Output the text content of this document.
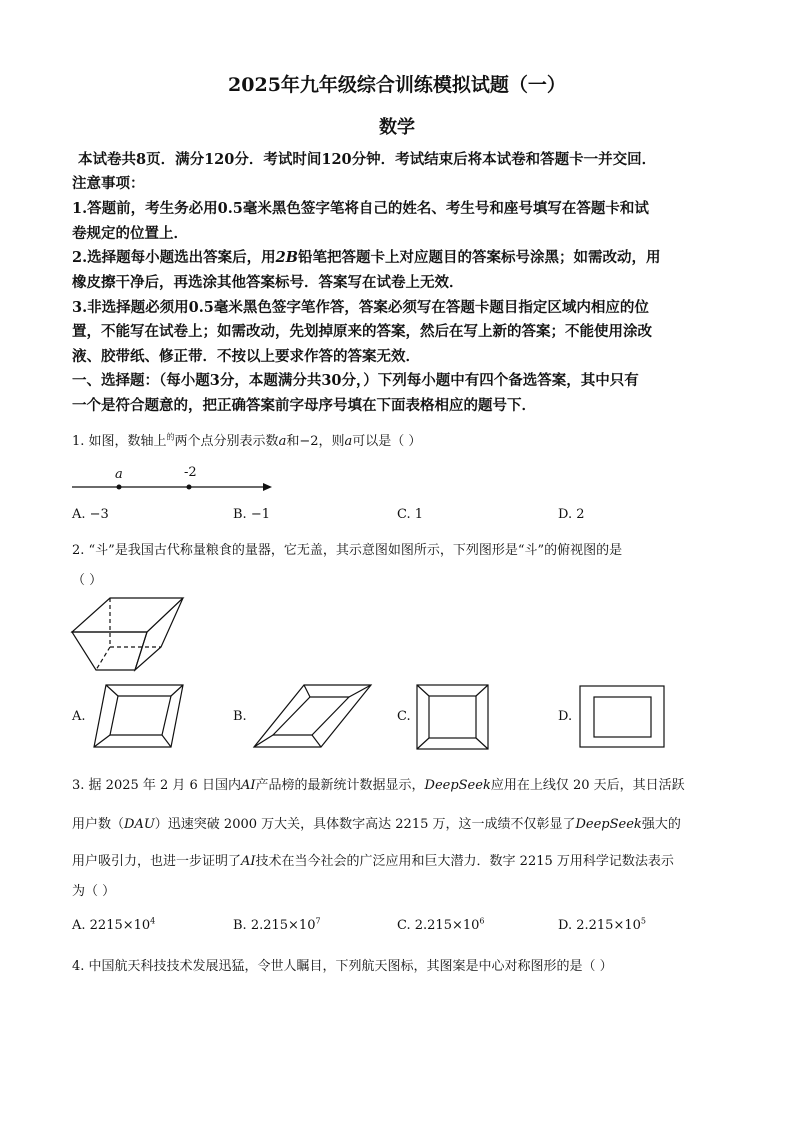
2025年九年级综合训练模拟试题（一）
数学
本试卷共8页．满分120分．考试时间120分钟．考试结束后将本试卷和答题卡一并交回．
注意事项：
1.答题前，考生务必用0.5毫米黑色签字笔将自己的姓名、考生号和座号填写在答题卡和试
卷规定的位置上．
2.选择题每小题选出答案后，用2B铅笔把答题卡上对应题目的答案标号涂黑；如需改动，用
橡皮擦干净后，再选涂其他答案标号．答案写在试卷上无效．
3.非选择题必须用0.5毫米黑色签字笔作答，答案必须写在答题卡题目指定区域内相应的位
置，不能写在试卷上；如需改动，先划掉原来的答案，然后在写上新的答案；不能使用涂改
液、胶带纸、修正带．不按以上要求作答的答案无效．
一、选择题：（每小题3分，本题满分共30分，）下列每小题中有四个备选答案，其中只有
一个是符合题意的，把正确答案前字母序号填在下面表格相应的题号下．
1. 如图，数轴上$^的$两个点分别表示数a和−2，则a可以是（ ）
a	-2
A. −3	B. −1	C. 1	D. 2
2. “斗”是我国古代称量粮食的量器，它无盖，其示意图如图所示，下列图形是“斗”的俯视图的是
（ ）
A.	B.	C.	D.
3. 据 2025 年 2 月 6 日国内AI产品榜的最新统计数据显示，DeepSeek应用在上线仅 20 天后，其日活跃
用户数（DAU）迅速突破 2000 万大关，具体数字高达 2215 万，这一成绩不仅彰显了DeepSeek强大的
用户吸引力，也进一步证明了AI技术在当今社会的广泛应用和巨大潜力．数字 2215 万用科学记数法表示
为（ ）
A. $2215\times 10^4$	B. $2.215\times 10^7$	C. $2.215\times 10^6$	D. $2.215\times 10^5$
4. 中国航天科技技术发展迅猛，令世人瞩目，下列航天图标，其图案是中心对称图形的是（ ）
